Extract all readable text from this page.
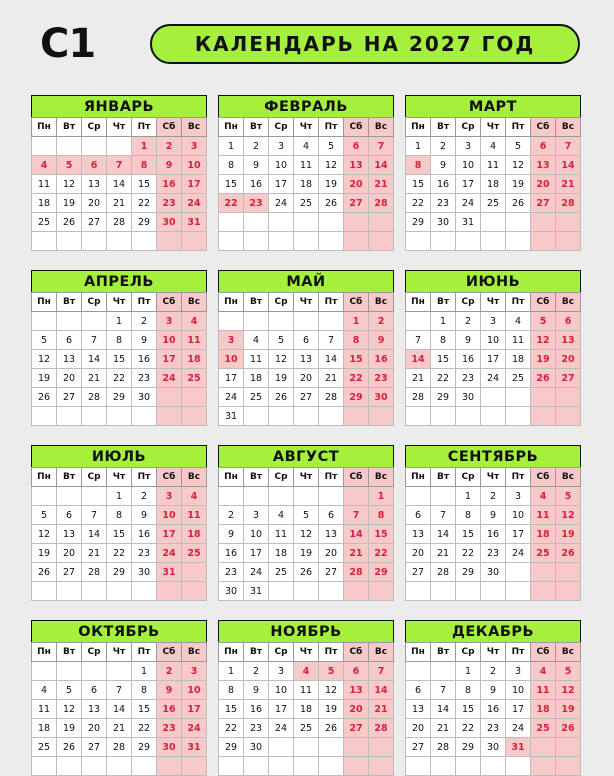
C1	КАЛЕНДАРЬ НА 2027 ГОД
ЯНВАРЬ
Пн	Вт	Ср	Чт	Пт	Сб	Вс
				1	2	3
4	5	6	7	8	9	10
11	12	13	14	15	16	17
18	19	20	21	22	23	24
25	26	27	28	29	30	31

ФЕВРАЛЬ
Пн	Вт	Ср	Чт	Пт	Сб	Вс
1	2	3	4	5	6	7
8	9	10	11	12	13	14
15	16	17	18	19	20	21
22	23	24	25	26	27	28

МАРТ
Пн	Вт	Ср	Чт	Пт	Сб	Вс
1	2	3	4	5	6	7
8	9	10	11	12	13	14
15	16	17	18	19	20	21
22	23	24	25	26	27	28
29	30	31				

АПРЕЛЬ
Пн	Вт	Ср	Чт	Пт	Сб	Вс
			1	2	3	4
5	6	7	8	9	10	11
12	13	14	15	16	17	18
19	20	21	22	23	24	25
26	27	28	29	30		

МАЙ
Пн	Вт	Ср	Чт	Пт	Сб	Вс
					1	2
3	4	5	6	7	8	9
10	11	12	13	14	15	16
17	18	19	20	21	22	23
24	25	26	27	28	29	30
31						
ИЮНЬ
Пн	Вт	Ср	Чт	Пт	Сб	Вс
	1	2	3	4	5	6
7	8	9	10	11	12	13
14	15	16	17	18	19	20
21	22	23	24	25	26	27
28	29	30				

ИЮЛЬ
Пн	Вт	Ср	Чт	Пт	Сб	Вс
			1	2	3	4
5	6	7	8	9	10	11
12	13	14	15	16	17	18
19	20	21	22	23	24	25
26	27	28	29	30	31	

АВГУСТ
Пн	Вт	Ср	Чт	Пт	Сб	Вс
						1
2	3	4	5	6	7	8
9	10	11	12	13	14	15
16	17	18	19	20	21	22
23	24	25	26	27	28	29
30	31					
СЕНТЯБРЬ
Пн	Вт	Ср	Чт	Пт	Сб	Вс
		1	2	3	4	5
6	7	8	9	10	11	12
13	14	15	16	17	18	19
20	21	22	23	24	25	26
27	28	29	30			

ОКТЯБРЬ
Пн	Вт	Ср	Чт	Пт	Сб	Вс
				1	2	3
4	5	6	7	8	9	10
11	12	13	14	15	16	17
18	19	20	21	22	23	24
25	26	27	28	29	30	31

НОЯБРЬ
Пн	Вт	Ср	Чт	Пт	Сб	Вс
1	2	3	4	5	6	7
8	9	10	11	12	13	14
15	16	17	18	19	20	21
22	23	24	25	26	27	28
29	30					

ДЕКАБРЬ
Пн	Вт	Ср	Чт	Пт	Сб	Вс
		1	2	3	4	5
6	7	8	9	10	11	12
13	14	15	16	17	18	19
20	21	22	23	24	25	26
27	28	29	30	31		
